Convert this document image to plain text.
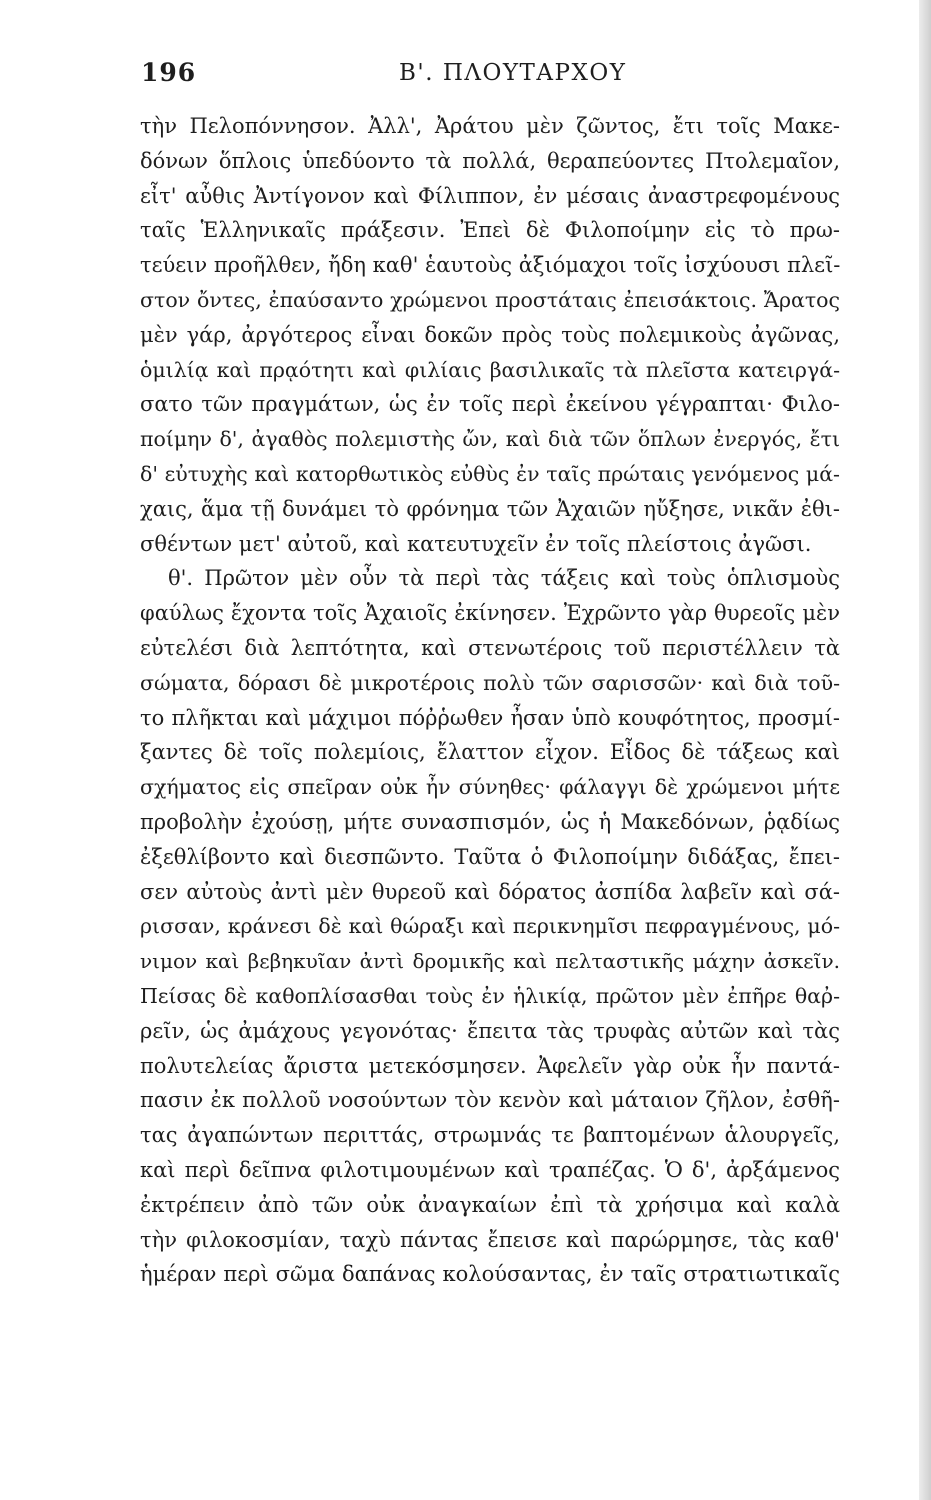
196	Β'. ΠΛΟΥΤΑΡΧΟΥ
τὴν Πελοπόννησον. Ἀλλ', Ἀράτου μὲν ζῶντος, ἔτι τοῖς Μακε-
δόνων ὅπλοις ὑπεδύοντο τὰ πολλά, θεραπεύοντες Πτολεμαῖον,
εἶτ' αὖθις Ἀντίγονον καὶ Φίλιππον, ἐν μέσαις ἀναστρεφομένους
ταῖς Ἑλληνικαῖς πράξεσιν. Ἐπεὶ δὲ Φιλοποίμην εἰς τὸ πρω-
τεύειν προῆλθεν, ἤδη καθ' ἑαυτοὺς ἀξιόμαχοι τοῖς ἰσχύουσι πλεῖ-
στον ὄντες, ἐπαύσαντο χρώμενοι προστάταις ἐπεισάκτοις. Ἄρατος
μὲν γάρ, ἀργότερος εἶναι δοκῶν πρὸς τοὺς πολεμικοὺς ἀγῶνας,
ὁμιλίᾳ καὶ πρᾳότητι καὶ φιλίαις βασιλικαῖς τὰ πλεῖστα κατειργά-
σατο τῶν πραγμάτων, ὡς ἐν τοῖς περὶ ἐκείνου γέγραπται· Φιλο-
ποίμην δ', ἀγαθὸς πολεμιστὴς ὤν, καὶ διὰ τῶν ὅπλων ἐνεργός, ἔτι
δ' εὐτυχὴς καὶ κατορθωτικὸς εὐθὺς ἐν ταῖς πρώταις γενόμενος μά-
χαις, ἅμα τῇ δυνάμει τὸ φρόνημα τῶν Ἀχαιῶν ηὔξησε, νικᾶν ἐθι-
σθέντων μετ' αὐτοῦ, καὶ κατευτυχεῖν ἐν τοῖς πλείστοις ἀγῶσι.
θ'. Πρῶτον μὲν οὖν τὰ περὶ τὰς τάξεις καὶ τοὺς ὁπλισμοὺς
φαύλως ἔχοντα τοῖς Ἀχαιοῖς ἐκίνησεν. Ἐχρῶντο γὰρ θυρεοῖς μὲν
εὐτελέσι διὰ λεπτότητα, καὶ στενωτέροις τοῦ περιστέλλειν τὰ
σώματα, δόρασι δὲ μικροτέροις πολὺ τῶν σαρισσῶν· καὶ διὰ τοῦ-
το πλῆκται καὶ μάχιμοι πόῤῥωθεν ἦσαν ὑπὸ κουφότητος, προσμί-
ξαντες δὲ τοῖς πολεμίοις, ἔλαττον εἶχον. Εἶδος δὲ τάξεως καὶ
σχήματος εἰς σπεῖραν οὐκ ἦν σύνηθες· φάλαγγι δὲ χρώμενοι μήτε
προβολὴν ἐχούσῃ, μήτε συνασπισμόν, ὡς ἡ Μακεδόνων, ῥᾳδίως
ἐξεθλίβοντο καὶ διεσπῶντο. Ταῦτα ὁ Φιλοποίμην διδάξας, ἔπει-
σεν αὐτοὺς ἀντὶ μὲν θυρεοῦ καὶ δόρατος ἀσπίδα λαβεῖν καὶ σά-
ρισσαν, κράνεσι δὲ καὶ θώραξι καὶ περικνημῖσι πεφραγμένους, μό-
νιμον καὶ βεβηκυῖαν ἀντὶ δρομικῆς καὶ πελταστικῆς μάχην ἀσκεῖν.
Πείσας δὲ καθοπλίσασθαι τοὺς ἐν ἡλικίᾳ, πρῶτον μὲν ἐπῆρε θαῤ-
ρεῖν, ὡς ἀμάχους γεγονότας· ἔπειτα τὰς τρυφὰς αὐτῶν καὶ τὰς
πολυτελείας ἄριστα μετεκόσμησεν. Ἀφελεῖν γὰρ οὐκ ἦν παντά-
πασιν ἐκ πολλοῦ νοσούντων τὸν κενὸν καὶ μάταιον ζῆλον, ἐσθῆ-
τας ἀγαπώντων περιττάς, στρωμνάς τε βαπτομένων ἁλουργεῖς,
καὶ περὶ δεῖπνα φιλοτιμουμένων καὶ τραπέζας. Ὁ δ', ἀρξάμενος
ἐκτρέπειν ἀπὸ τῶν οὐκ ἀναγκαίων ἐπὶ τὰ χρήσιμα καὶ καλὰ
τὴν φιλοκοσμίαν, ταχὺ πάντας ἔπεισε καὶ παρώρμησε, τὰς καθ'
ἡμέραν περὶ σῶμα δαπάνας κολούσαντας, ἐν ταῖς στρατιωτικαῖς
